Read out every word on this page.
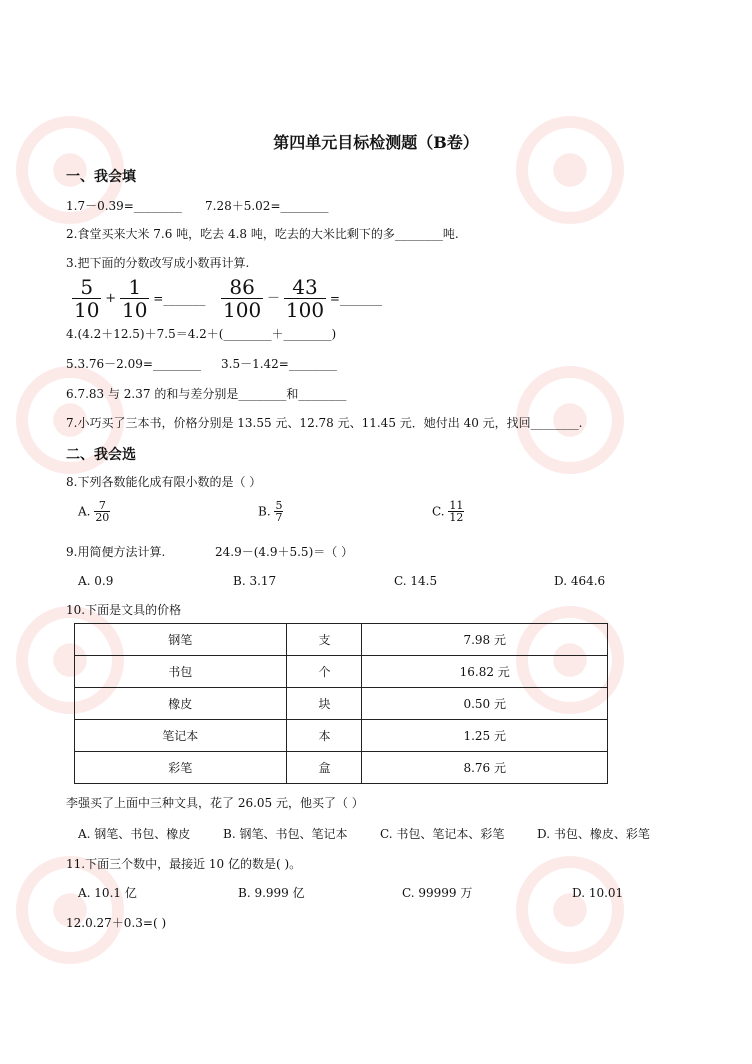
第四单元目标检测题（B卷）
一、我会填
1.7－0.39=________ 7.28＋5.02=________
2.食堂买来大米 7.6 吨，吃去 4.8 吨，吃去的大米比剩下的多________吨.
3.把下面的分数改写成小数再计算.
$\frac{5}{10} + \frac{1}{10}$ =_______ $\frac{86}{100} - \frac{43}{100}$ =_______
4.(4.2＋12.5)＋7.5＝4.2＋(________＋________)
5.3.76－2.09=________ 3.5－1.42=________
6.7.83 与 2.37 的和与差分别是________和________
7.小巧买了三本书，价格分别是 13.55 元、12.78 元、11.45 元．她付出 40 元，找回________.
二、我会选
8.下列各数能化成有限小数的是（ ）
A. $\frac{7}{20}$	B. $\frac{5}{7}$	C. $\frac{11}{12}$
9.用简便方法计算.	24.9－(4.9＋5.5)＝（ ）
A. 0.9	B. 3.17	C. 14.5	D. 464.6
10.下面是文具的价格
钢笔	支	7.98 元
书包	个	16.82 元
橡皮	块	0.50 元
笔记本	本	1.25 元
彩笔	盒	8.76 元
李强买了上面中三种文具，花了 26.05 元，他买了（ ）
A. 钢笔、书包、橡皮	B. 钢笔、书包、笔记本	C. 书包、笔记本、彩笔	D. 书包、橡皮、彩笔
11.下面三个数中，最接近 10 亿的数是( )。
A. 10.1 亿	B. 9.999 亿	C. 99999 万	D. 10.01
12.0.27＋0.3=( )
